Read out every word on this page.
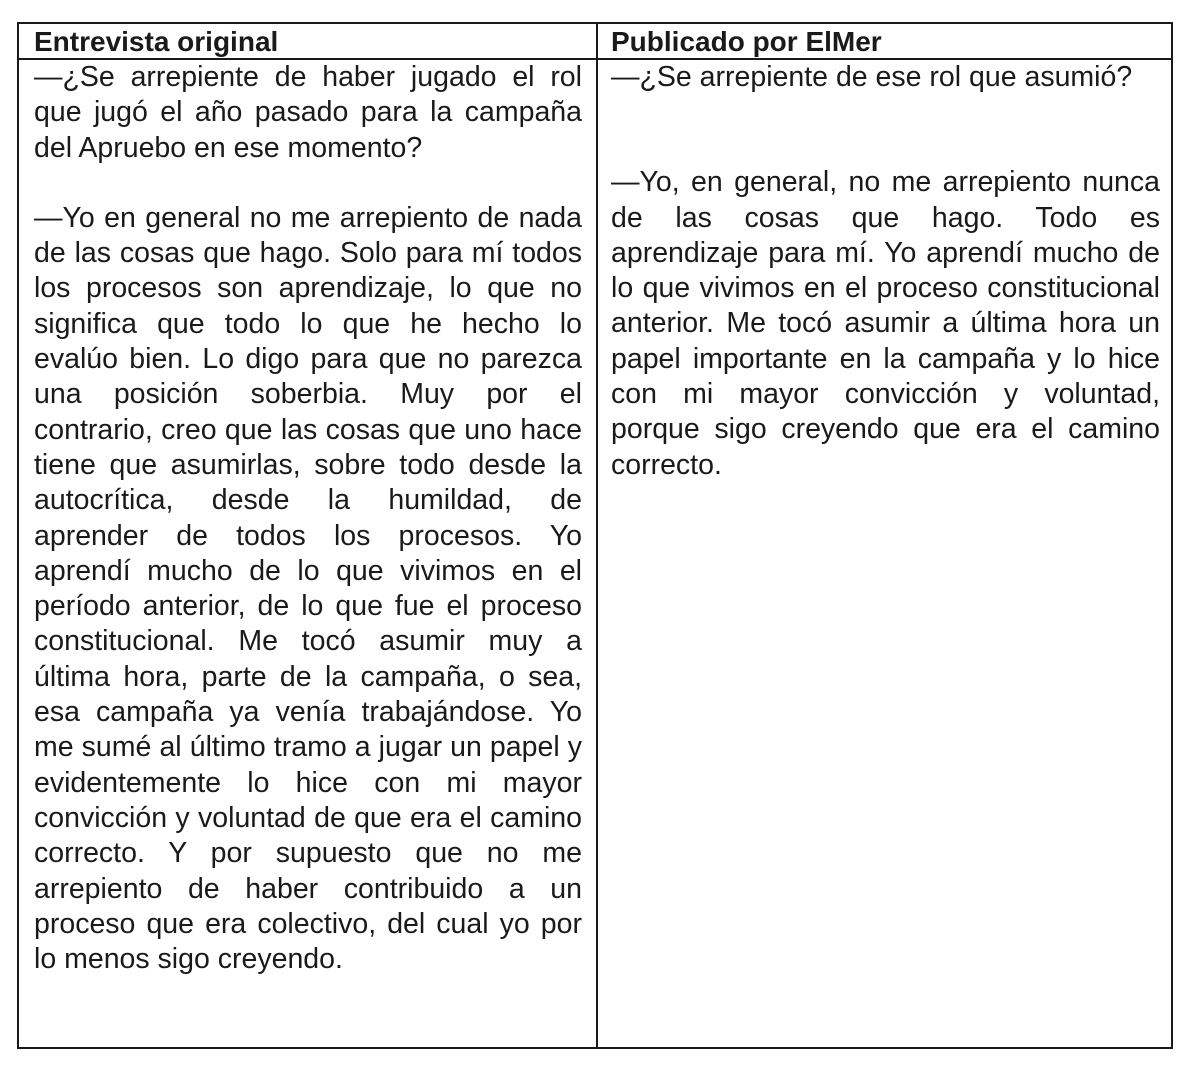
Entrevista original	Publicado por ElMer

—¿Se arrepiente de haber jugado el rol que jugó el año pasado para la campaña del Apruebo en ese momento?

—Yo en general no me arrepiento de nada de las cosas que hago. Solo para mí todos los procesos son aprendizaje, lo que no significa que todo lo que he hecho lo evalúo bien. Lo digo para que no parezca una posición soberbia. Muy por el contrario, creo que las cosas que uno hace tiene que asumirlas, sobre todo desde la autocrítica, desde la humildad, de aprender de todos los procesos. Yo aprendí mucho de lo que vivimos en el período anterior, de lo que fue el proceso constitucional. Me tocó asumir muy a última hora, parte de la campaña, o sea, esa campaña ya venía trabajándose. Yo me sumé al último tramo a jugar un papel y evidentemente lo hice con mi mayor convicción y voluntad de que era el camino correcto. Y por supuesto que no me arrepiento de haber contribuido a un proceso que era colectivo, del cual yo por lo menos sigo creyendo.

—¿Se arrepiente de ese rol que asumió?

—Yo, en general, no me arrepiento nunca de las cosas que hago. Todo es aprendizaje para mí. Yo aprendí mucho de lo que vivimos en el proceso constitucional anterior. Me tocó asumir a última hora un papel importante en la campaña y lo hice con mi mayor convicción y voluntad, porque sigo creyendo que era el camino correcto.
